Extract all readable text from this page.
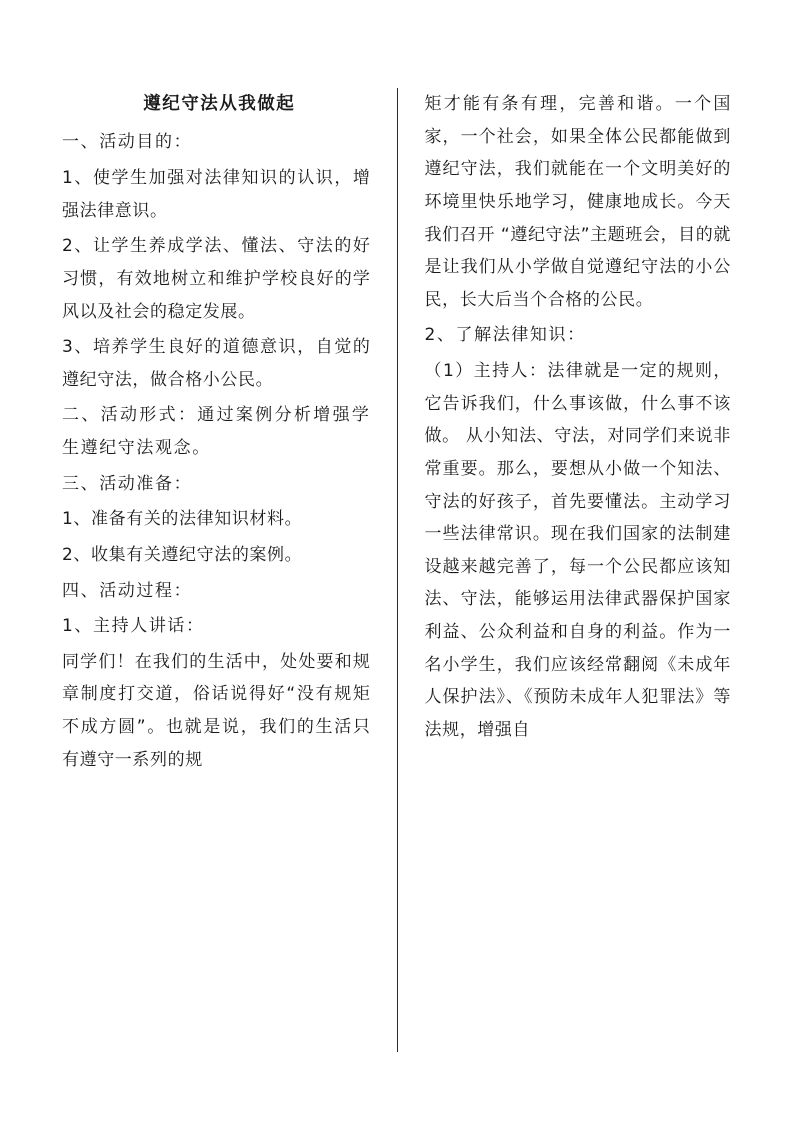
遵纪守法从我做起

一、活动目的：

1、使学生加强对法律知识的认识，增强法律意识。

2、让学生养成学法、懂法、守法的好习惯，有效地树立和维护学校良好的学风以及社会的稳定发展。

3、培养学生良好的道德意识，自觉的遵纪守法，做合格小公民。

二、活动形式：通过案例分析增强学生遵纪守法观念。

三、活动准备：

1、准备有关的法律知识材料。

2、收集有关遵纪守法的案例。

四、活动过程：

1、主持人讲话：

同学们！在我们的生活中，处处要和规章制度打交道，俗话说得好“没有规矩不成方圆”。也就是说，我们的生活只有遵守一系列的规

矩才能有条有理，完善和谐。一个国家，一个社会，如果全体公民都能做到遵纪守法，我们就能在一个文明美好的环境里快乐地学习，健康地成长。今天我们召开 “遵纪守法”主题班会，目的就是让我们从小学做自觉遵纪守法的小公民，长大后当个合格的公民。

2、了解法律知识：

（1）主持人：法律就是一定的规则，它告诉我们，什么事该做，什么事不该做。 从小知法、守法，对同学们来说非常重要。那么，要想从小做一个知法、守法的好孩子，首先要懂法。主动学习一些法律常识。现在我们国家的法制建设越来越完善了，每一个公民都应该知法、守法，能够运用法律武器保护国家利益、公众利益和自身的利益。作为一名小学生，我们应该经常翻阅《未成年人保护法》、《预防未成年人犯罪法》等法规，增强自
